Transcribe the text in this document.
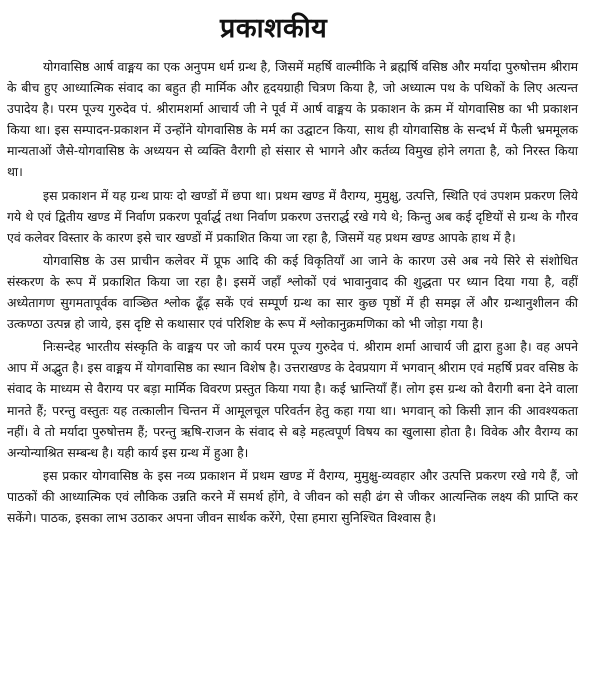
प्रकाशकीय

योगवासिष्ठ आर्ष वाङ्मय का एक अनुपम धर्म ग्रन्थ है, जिसमें महर्षि वाल्मीकि ने ब्रह्मर्षि वसिष्ठ और मर्यादा पुरुषोत्तम श्रीराम के बीच हुए आध्यात्मिक संवाद का बहुत ही मार्मिक और हृदयग्राही चित्रण किया है, जो अध्यात्म पथ के पथिकों के लिए अत्यन्त उपादेय है। परम पूज्य गुरुदेव पं. श्रीरामशर्मा आचार्य जी ने पूर्व में आर्ष वाङ्मय के प्रकाशन के क्रम में योगवासिष्ठ का भी प्रकाशन किया था। इस सम्पादन-प्रकाशन में उन्होंने योगवासिष्ठ के मर्म का उद्घाटन किया, साथ ही योगवासिष्ठ के सन्दर्भ में फैली भ्रममूलक मान्यताओं जैसे-योगवासिष्ठ के अध्ययन से व्यक्ति वैरागी हो संसार से भागने और कर्तव्य विमुख होने लगता है, को निरस्त किया था।

इस प्रकाशन में यह ग्रन्थ प्रायः दो खण्डों में छपा था। प्रथम खण्ड में वैराग्य, मुमुक्षु, उत्पत्ति, स्थिति एवं उपशम प्रकरण लिये गये थे एवं द्वितीय खण्ड में निर्वाण प्रकरण पूर्वार्द्ध तथा निर्वाण प्रकरण उत्तरार्द्ध रखे गये थे; किन्तु अब कई दृष्टियों से ग्रन्थ के गौरव एवं कलेवर विस्तार के कारण इसे चार खण्डों में प्रकाशित किया जा रहा है, जिसमें यह प्रथम खण्ड आपके हाथ में है।

योगवासिष्ठ के उस प्राचीन कलेवर में प्रूफ आदि की कई विकृतियाँ आ जाने के कारण उसे अब नये सिरे से संशोधित संस्करण के रूप में प्रकाशित किया जा रहा है। इसमें जहाँ श्लोकों एवं भावानुवाद की शुद्धता पर ध्यान दिया गया है, वहीं अध्येतागण सुगमतापूर्वक वाञ्छित श्लोक ढूँढ़ सकें एवं सम्पूर्ण ग्रन्थ का सार कुछ पृष्ठों में ही समझ लें और ग्रन्थानुशीलन की उत्कण्ठा उत्पन्न हो जाये, इस दृष्टि से कथासार एवं परिशिष्ट के रूप में श्लोकानुक्रमणिका को भी जोड़ा गया है।

निःसन्देह भारतीय संस्कृति के वाङ्मय पर जो कार्य परम पूज्य गुरुदेव पं. श्रीराम शर्मा आचार्य जी द्वारा हुआ है। वह अपने आप में अद्भुत है। इस वाङ्मय में योगवासिष्ठ का स्थान विशेष है। उत्तराखण्ड के देवप्रयाग में भगवान् श्रीराम एवं महर्षि प्रवर वसिष्ठ के संवाद के माध्यम से वैराग्य पर बड़ा मार्मिक विवरण प्रस्तुत किया गया है। कई भ्रान्तियाँ हैं। लोग इस ग्रन्थ को वैरागी बना देने वाला मानते हैं; परन्तु वस्तुतः यह तत्कालीन चिन्तन में आमूलचूल परिवर्तन हेतु कहा गया था। भगवान् को किसी ज्ञान की आवश्यकता नहीं। वे तो मर्यादा पुरुषोत्तम हैं; परन्तु ऋषि-राजन के संवाद से बड़े महत्वपूर्ण विषय का खुलासा होता है। विवेक और वैराग्य का अन्योन्याश्रित सम्बन्ध है। यही कार्य इस ग्रन्थ में हुआ है।

इस प्रकार योगवासिष्ठ के इस नव्य प्रकाशन में प्रथम खण्ड में वैराग्य, मुमुक्षु-व्यवहार और उत्पत्ति प्रकरण रखे गये हैं, जो पाठकों की आध्यात्मिक एवं लौकिक उन्नति करने में समर्थ होंगे, वे जीवन को सही ढंग से जीकर आत्यन्तिक लक्ष्य की प्राप्ति कर सकेंगे। पाठक, इसका लाभ उठाकर अपना जीवन सार्थक करेंगे, ऐसा हमारा सुनिश्चित विश्वास है।
